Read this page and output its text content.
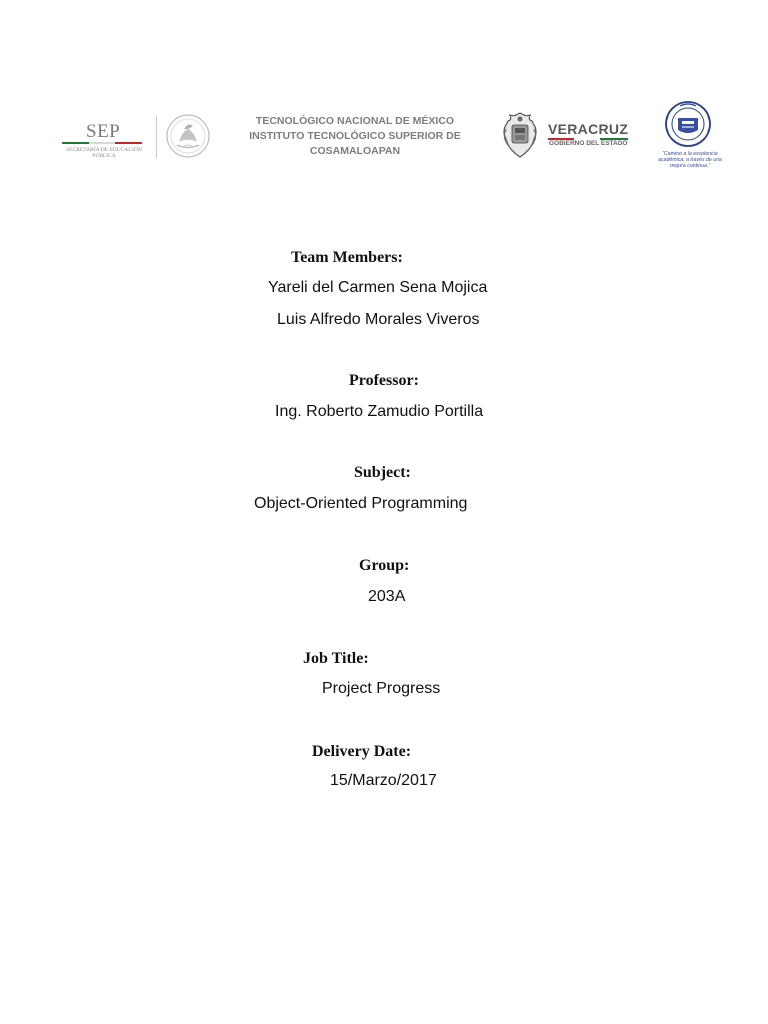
SEP
SECRETARÍA DE EDUCACIÓN PÚBLICA
TECNOLÓGICO NACIONAL DE MÉXICO
INSTITUTO TECNOLÓGICO SUPERIOR DE
COSAMALOAPAN
VERACRUZ
GOBIERNO DEL ESTADO
“Camino a la excelencia académica, a través de una mejora continua.”
Team Members:
Yareli del Carmen Sena Mojica
Luis Alfredo Morales Viveros
Professor:
Ing. Roberto Zamudio Portilla
Subject:
Object-Oriented Programming
Group:
203A
Job Title:
Project Progress
Delivery Date:
15/Marzo/2017
